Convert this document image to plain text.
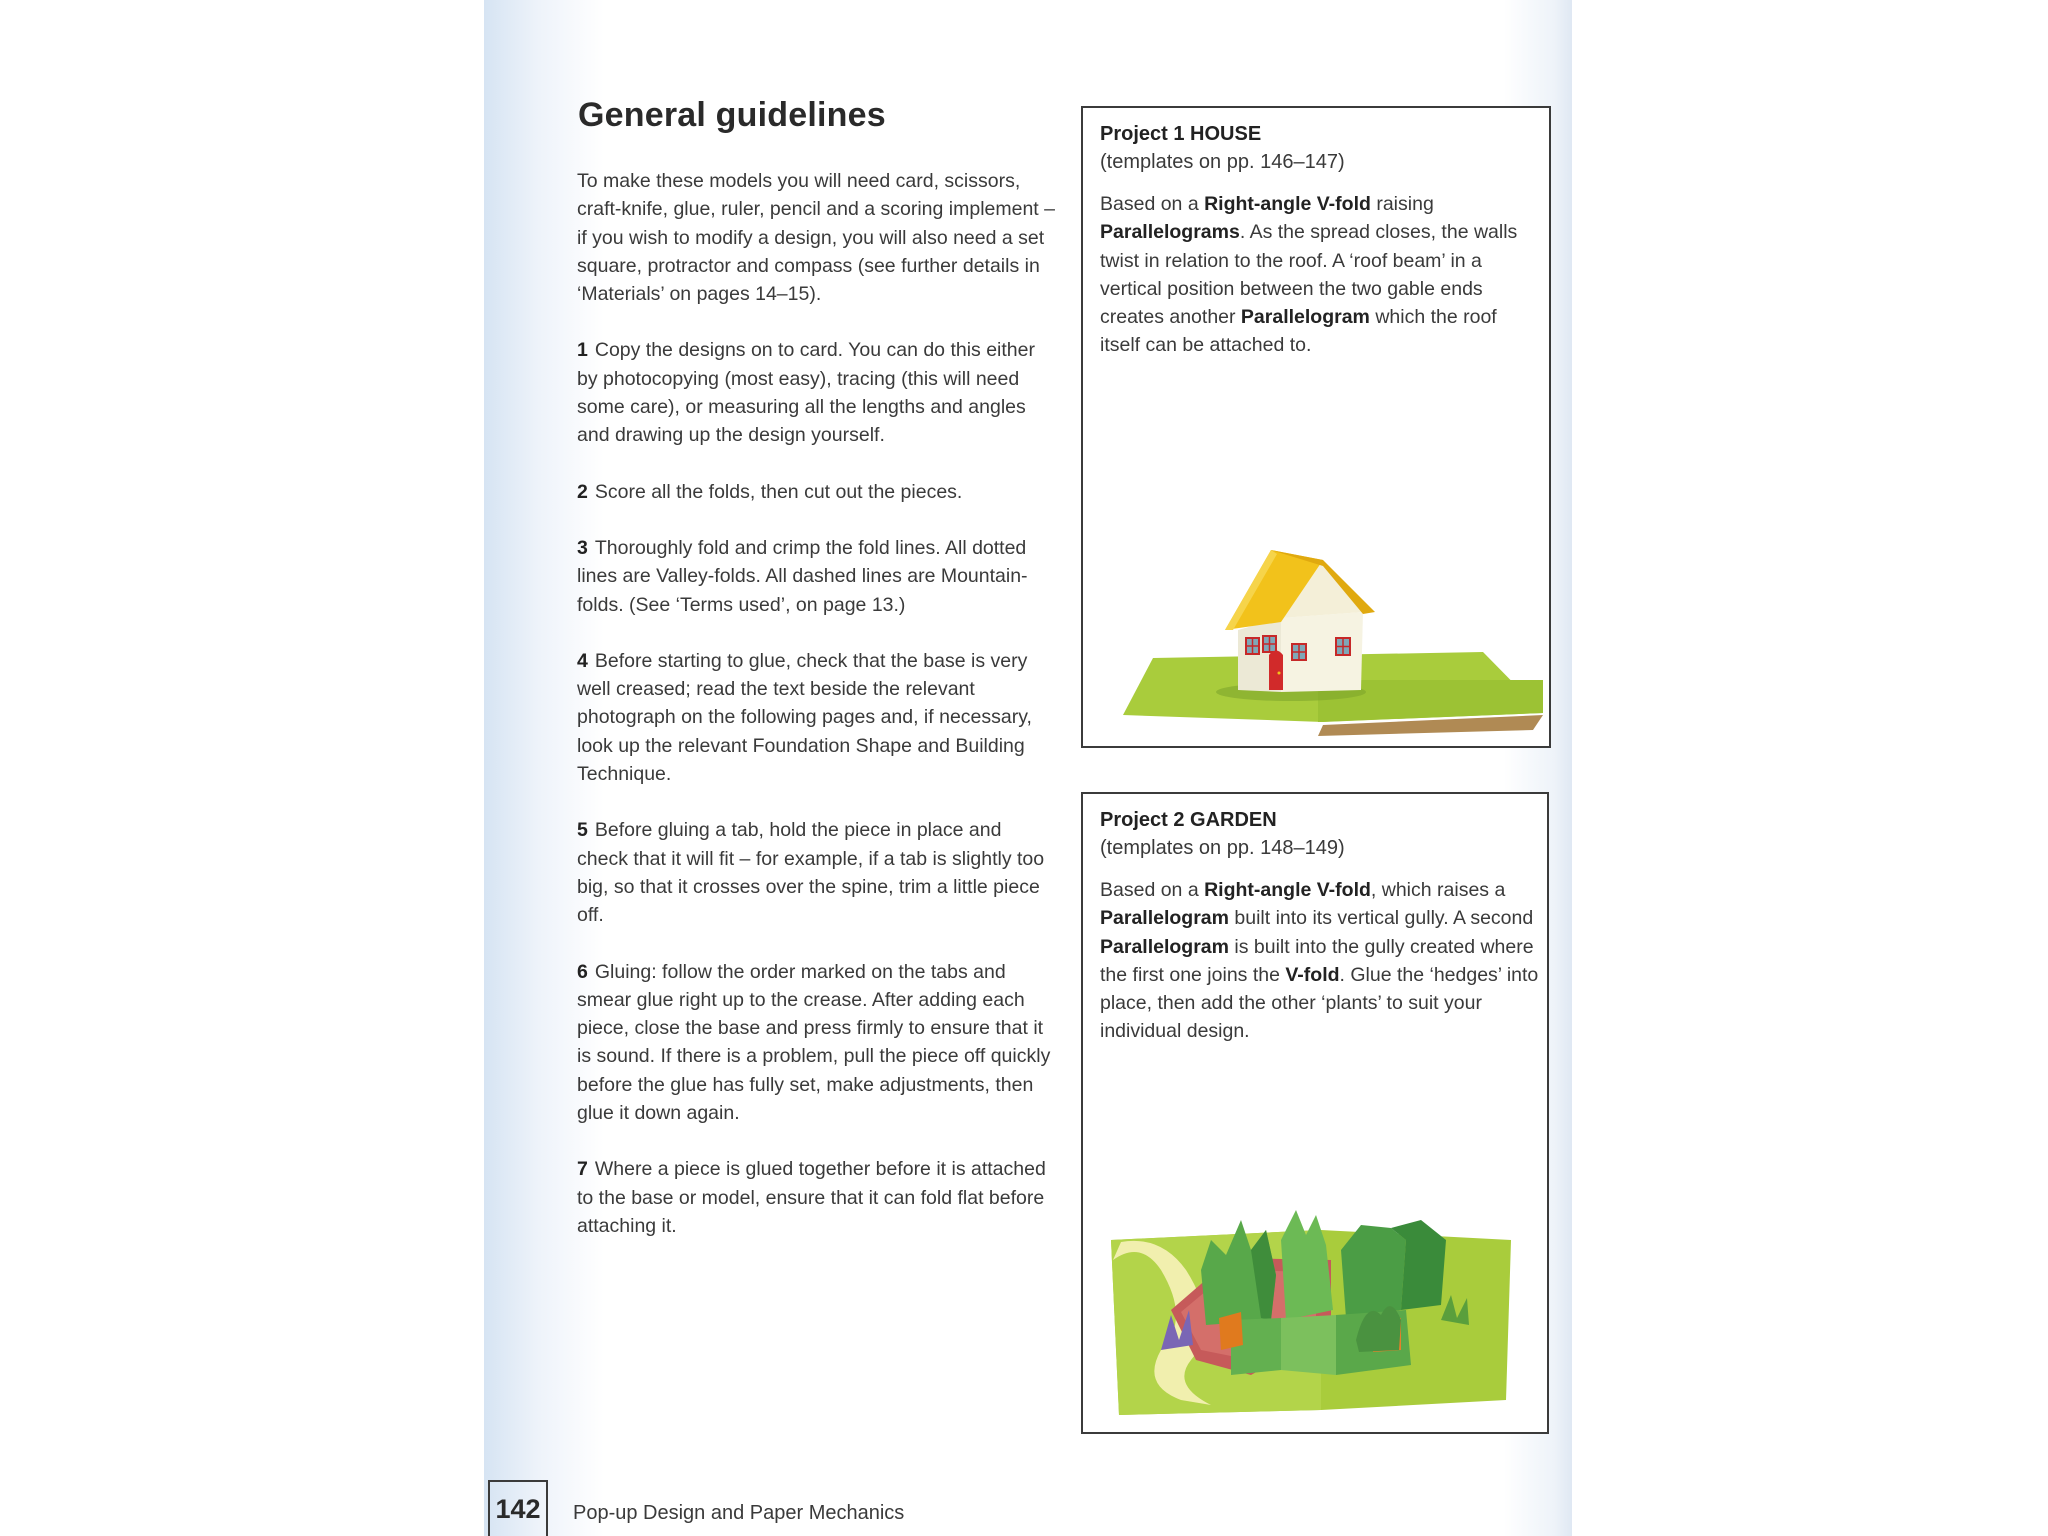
General guidelines

To make these models you will need card, scissors, craft-knife, glue, ruler, pencil and a scoring implement – if you wish to modify a design, you will also need a set square, protractor and compass (see further details in ‘Materials’ on pages 14–15).

1 Copy the designs on to card. You can do this either by photocopying (most easy), tracing (this will need some care), or measuring all the lengths and angles and drawing up the design yourself.

2 Score all the folds, then cut out the pieces.

3 Thoroughly fold and crimp the fold lines. All dotted lines are Valley-folds. All dashed lines are Mountain-folds. (See ‘Terms used’, on page 13.)

4 Before starting to glue, check that the base is very well creased; read the text beside the relevant photograph on the following pages and, if necessary, look up the relevant Foundation Shape and Building Technique.

5 Before gluing a tab, hold the piece in place and check that it will fit – for example, if a tab is slightly too big, so that it crosses over the spine, trim a little piece off.

6 Gluing: follow the order marked on the tabs and smear glue right up to the crease. After adding each piece, close the base and press firmly to ensure that it is sound. If there is a problem, pull the piece off quickly before the glue has fully set, make adjustments, then glue it down again.

7 Where a piece is glued together before it is attached to the base or model, ensure that it can fold flat before attaching it.

Project 1 HOUSE

(templates on pp. 146–147)

Based on a Right-angle V-fold raising Parallelograms. As the spread closes, the walls twist in relation to the roof. A ‘roof beam’ in a vertical position between the two gable ends creates another Parallelogram which the roof itself can be attached to.

Project 2 GARDEN

(templates on pp. 148–149)

Based on a Right-angle V-fold, which raises a Parallelogram built into its vertical gully. A second Parallelogram is built into the gully created where the first one joins the V-fold. Glue the ‘hedges’ into place, then add the other ‘plants’ to suit your individual design.

142 Pop-up Design and Paper Mechanics
